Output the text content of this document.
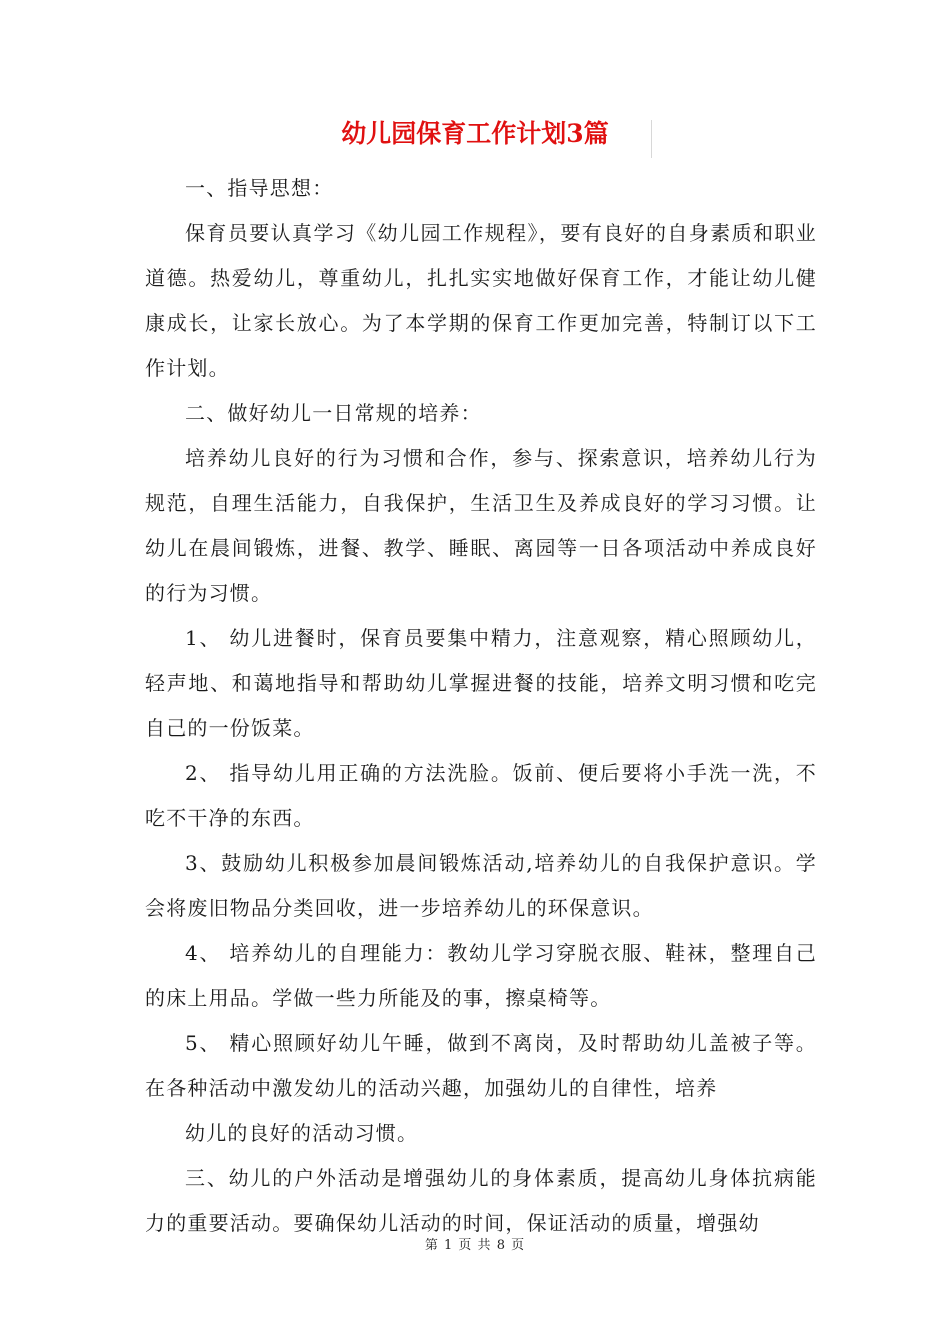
幼儿园保育工作计划3篇

一、指导思想：

保育员要认真学习《幼儿园工作规程》，要有良好的自身素质和职业道德。热爱幼儿，尊重幼儿，扎扎实实地做好保育工作，才能让幼儿健康成长，让家长放心。为了本学期的保育工作更加完善，特制订以下工作计划。

二、做好幼儿一日常规的培养：

培养幼儿良好的行为习惯和合作，参与、探索意识，培养幼儿行为规范，自理生活能力，自我保护，生活卫生及养成良好的学习习惯。让幼儿在晨间锻炼，进餐、教学、睡眠、离园等一日各项活动中养成良好的行为习惯。

1、 幼儿进餐时，保育员要集中精力，注意观察，精心照顾幼儿，轻声地、和蔼地指导和帮助幼儿掌握进餐的技能，培养文明习惯和吃完自己的一份饭菜。

2、 指导幼儿用正确的方法洗脸。饭前、便后要将小手洗一洗，不吃不干净的东西。

3、鼓励幼儿积极参加晨间锻炼活动,培养幼儿的自我保护意识。学会将废旧物品分类回收，进一步培养幼儿的环保意识。

4、 培养幼儿的自理能力：教幼儿学习穿脱衣服、鞋袜，整理自己的床上用品。学做一些力所能及的事，擦桌椅等。

5、 精心照顾好幼儿午睡，做到不离岗，及时帮助幼儿盖被子等。在各种活动中激发幼儿的活动兴趣，加强幼儿的自律性，培养

幼儿的良好的活动习惯。

三、幼儿的户外活动是增强幼儿的身体素质，提高幼儿身体抗病能力的重要活动。要确保幼儿活动的时间，保证活动的质量，增强幼

第 1 页 共 8 页
